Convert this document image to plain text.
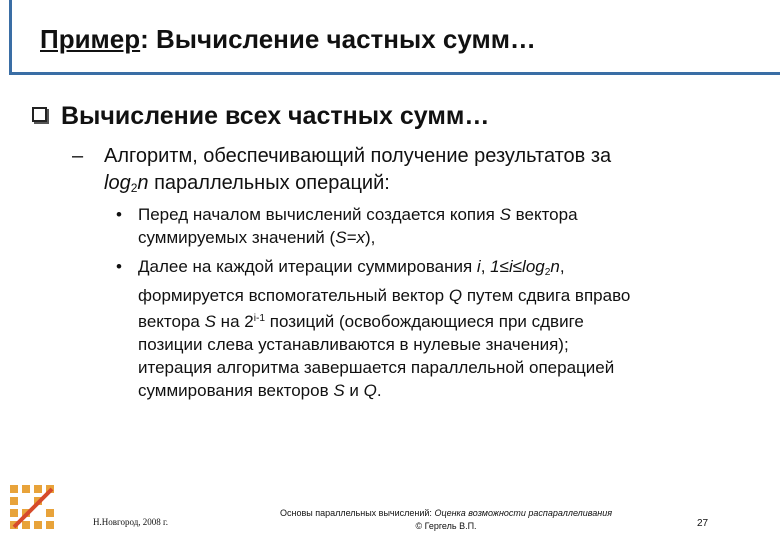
Пример: Вычисление частных сумм…
Вычисление всех частных сумм…
– Алгоритм, обеспечивающий получение результатов за
$\log_2n$ параллельных операций:
• Перед началом вычислений создается копия S вектора
суммируемых значений (S=x),
• Далее на каждой итерации суммирования i, $1\le i\le\log_2n$,
формируется вспомогательный вектор Q путем сдвига вправо
вектора S на 2$^{i-1}$ позиций (освобождающиеся при сдвиге
позиции слева устанавливаются в нулевые значения);
итерация алгоритма завершается параллельной операцией
суммирования векторов S и Q.
Н.Новгород, 2008 г.
Основы параллельных вычислений: Оценка возможности распараллеливания
© Гергель В.П.	27
